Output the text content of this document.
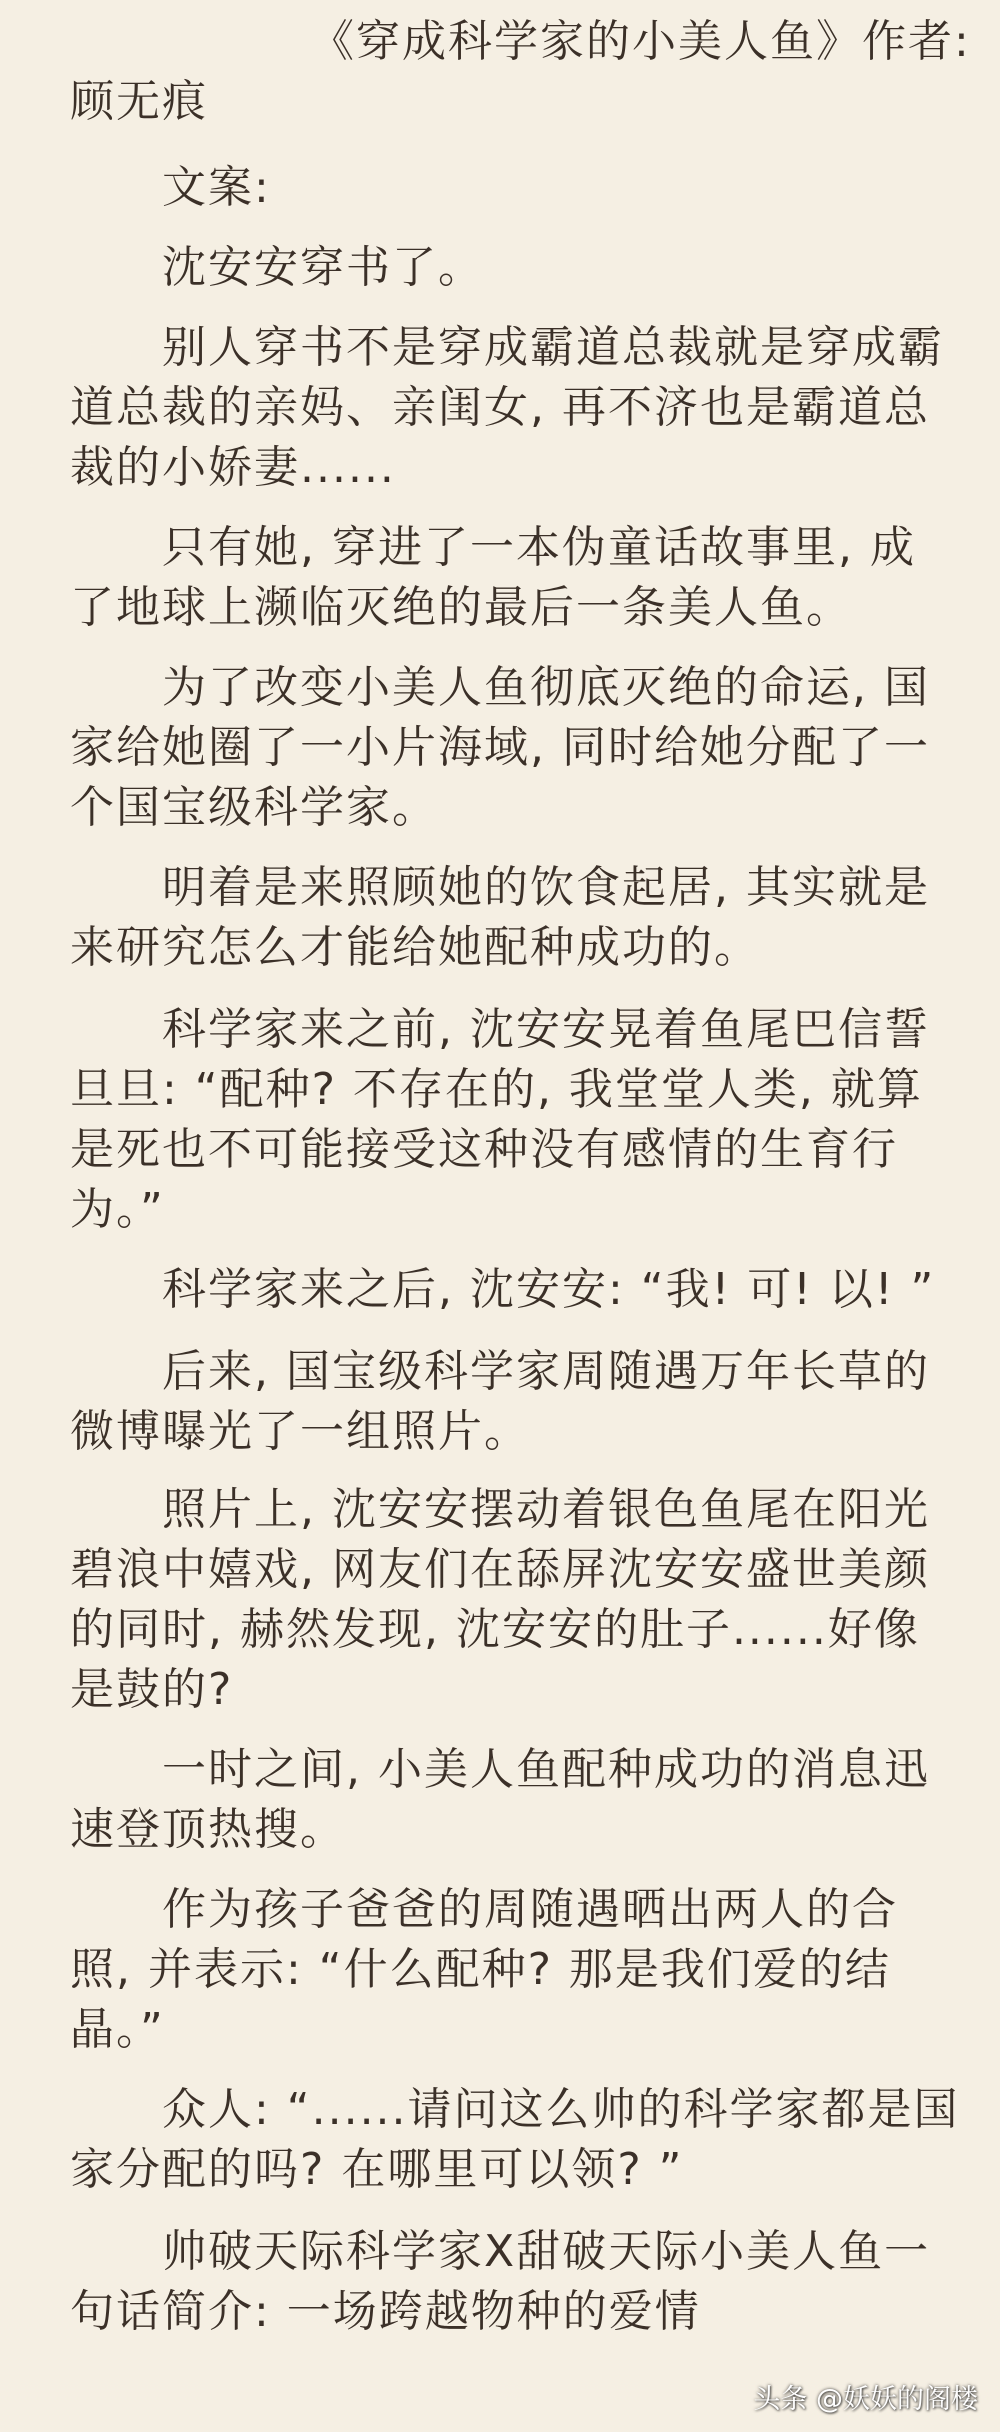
《穿成科学家的小美人鱼》作者:
顾无痕
　　文案:
　　沈安安穿书了。
　　别人穿书不是穿成霸道总裁就是穿成霸
道总裁的亲妈、亲闺女, 再不济也是霸道总
裁的小娇妻......
　　只有她, 穿进了一本伪童话故事里, 成
了地球上濒临灭绝的最后一条美人鱼。
　　为了改变小美人鱼彻底灭绝的命运, 国
家给她圈了一小片海域, 同时给她分配了一
个国宝级科学家。
　　明着是来照顾她的饮食起居, 其实就是
来研究怎么才能给她配种成功的。
　　科学家来之前, 沈安安晃着鱼尾巴信誓
旦旦: “配种? 不存在的, 我堂堂人类, 就算
是死也不可能接受这种没有感情的生育行
为。”
　　科学家来之后, 沈安安: “我! 可! 以! ”
　　后来, 国宝级科学家周随遇万年长草的
微博曝光了一组照片。
　　照片上, 沈安安摆动着银色鱼尾在阳光
碧浪中嬉戏, 网友们在舔屏沈安安盛世美颜
的同时, 赫然发现, 沈安安的肚子......好像
是鼓的?
　　一时之间, 小美人鱼配种成功的消息迅
速登顶热搜。
　　作为孩子爸爸的周随遇晒出两人的合
照, 并表示: “什么配种? 那是我们爱的结
晶。”
　　众人: “......请问这么帅的科学家都是国
家分配的吗? 在哪里可以领? ”
　　帅破天际科学家X甜破天际小美人鱼一
句话简介: 一场跨越物种的爱情
头条 @妖妖的阁楼
